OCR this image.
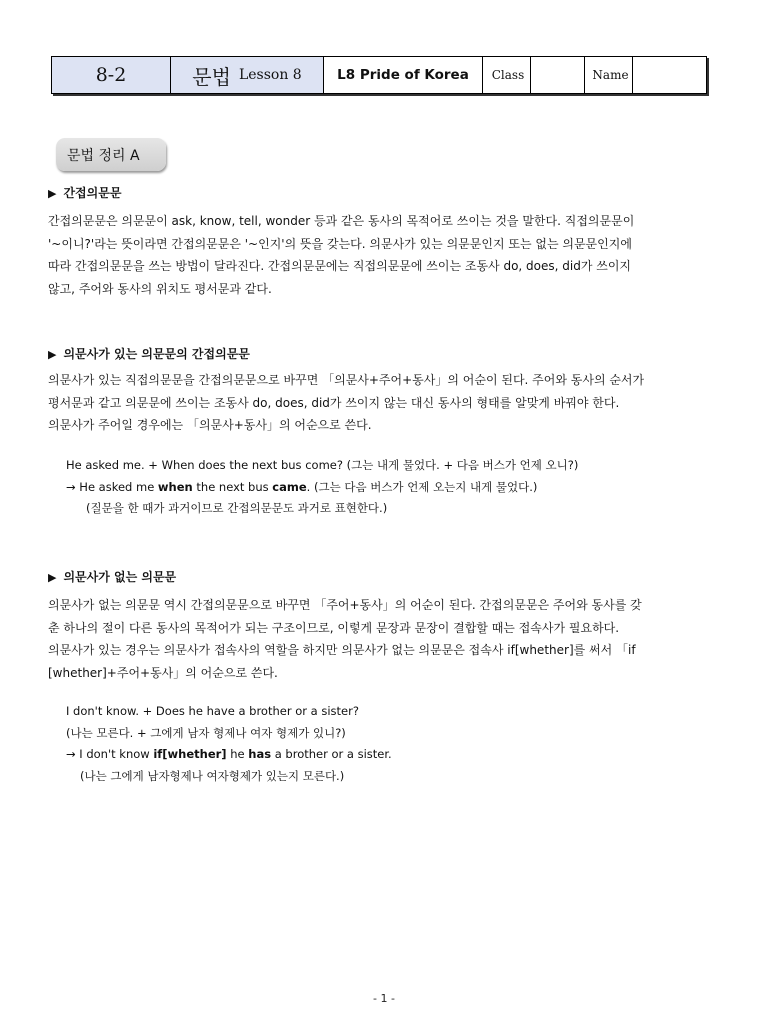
8-2	문법 Lesson 8	L8 Pride of Korea	Class	Name
문법 정리 A
▶ 간접의문문
간접의문문은 의문문이 ask, know, tell, wonder 등과 같은 동사의 목적어로 쓰이는 것을 말한다. 직접의문문이
'~이니?'라는 뜻이라면 간접의문문은 '~인지'의 뜻을 갖는다. 의문사가 있는 의문문인지 또는 없는 의문문인지에
따라 간접의문문을 쓰는 방법이 달라진다. 간접의문문에는 직접의문문에 쓰이는 조동사 do, does, did가 쓰이지
않고, 주어와 동사의 위치도 평서문과 같다.
▶ 의문사가 있는 의문문의 간접의문문
의문사가 있는 직접의문문을 간접의문문으로 바꾸면 「의문사+주어+동사」의 어순이 된다. 주어와 동사의 순서가
평서문과 같고 의문문에 쓰이는 조동사 do, does, did가 쓰이지 않는 대신 동사의 형태를 알맞게 바꿔야 한다.
의문사가 주어일 경우에는 「의문사+동사」의 어순으로 쓴다.
He asked me. + When does the next bus come? (그는 내게 물었다. + 다음 버스가 언제 오니?)
→ He asked me when the next bus came. (그는 다음 버스가 언제 오는지 내게 물었다.)
(질문을 한 때가 과거이므로 간접의문문도 과거로 표현한다.)
▶ 의문사가 없는 의문문
의문사가 없는 의문문 역시 간접의문문으로 바꾸면 「주어+동사」의 어순이 된다. 간접의문문은 주어와 동사를 갖
춘 하나의 절이 다른 동사의 목적어가 되는 구조이므로, 이렇게 문장과 문장이 결합할 때는 접속사가 필요하다.
의문사가 있는 경우는 의문사가 접속사의 역할을 하지만 의문사가 없는 의문문은 접속사 if[whether]를 써서 「if
[whether]+주어+동사」의 어순으로 쓴다.
I don't know. + Does he have a brother or a sister?
(나는 모른다. + 그에게 남자 형제나 여자 형제가 있니?)
→ I don't know if[whether] he has a brother or a sister.
(나는 그에게 남자형제나 여자형제가 있는지 모른다.)
- 1 -
